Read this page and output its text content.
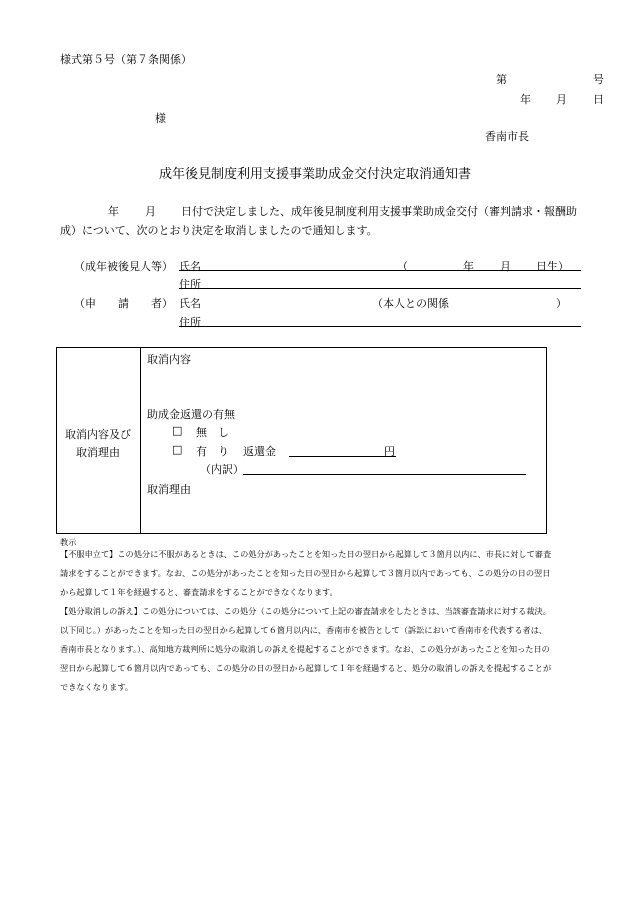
様式第５号（第７条関係）
第	号
年 月 日
様
香南市長
成年後見制度利用支援事業助成金交付決定取消通知書
年 月 日付で決定しました、成年後見制度利用支援事業助成金交付（審判請求・報酬助
成）について、次のとおり決定を取消しましたので通知します。
（成年被後見人等） 氏名	（	年 月 日生）
住所
（申　　請　　者） 氏名	（本人との関係	）
住所
取消内容及び
取消理由
取消内容
助成金返還の有無
□ 無　し
□ 有　り 返還金	円
（内訳）
取消理由
教示

【不服申立て】この処分に不服があるときは、この処分があったことを知った日の翌日から起算して３箇月以内に、市長に対して審査

請求をすることができます。なお、この処分があったことを知った日の翌日から起算して３箇月以内であっても、この処分の日の翌日

から起算して１年を経過すると、審査請求をすることができなくなります。

【処分取消しの訴え】この処分については、この処分（この処分について上記の審査請求をしたときは、当該審査請求に対する裁決。

以下同じ。）があったことを知った日の翌日から起算して６箇月以内に、香南市を被告として（訴訟において香南市を代表する者は、

香南市長となります。）、高知地方裁判所に処分の取消しの訴えを提起することができます。なお、この処分があったことを知った日の

翌日から起算して６箇月以内であっても、この処分の日の翌日から起算して１年を経過すると、処分の取消しの訴えを提起することが

できなくなります。
